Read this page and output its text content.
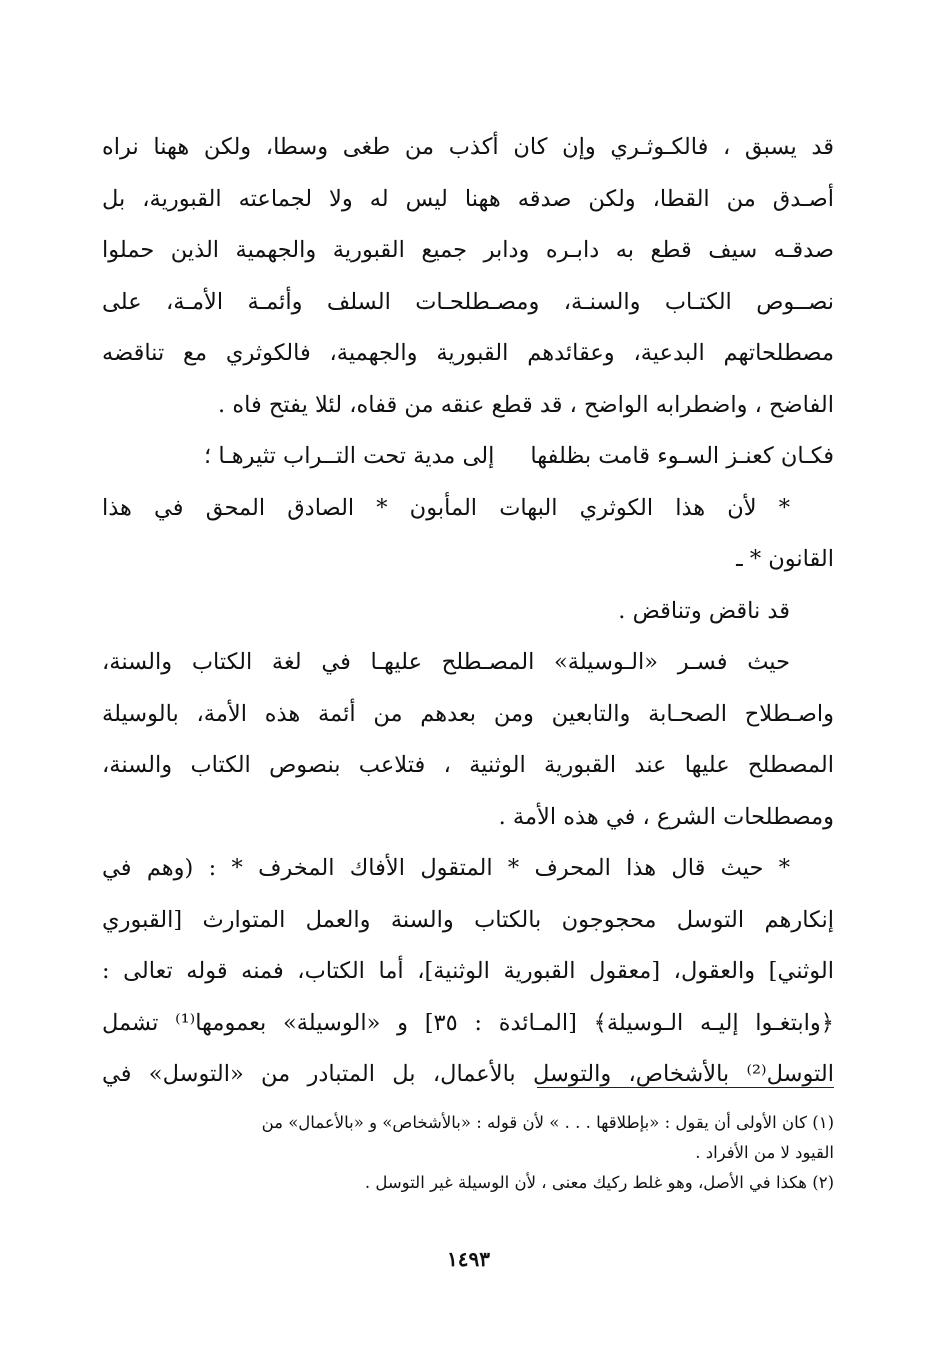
قد يسبق ، فالكـوثـري وإن كان أكذب من طغى وسطا، ولكن ههنا نراه
أصـدق من القطا، ولكن صدقه ههنا ليس له ولا لجماعته القبورية، بل
صدقـه سيف قطع به دابـره ودابر جميع القبورية والجهمية الذين حملوا
نصــوص الكتـاب والسنـة، ومصـطلحـات السلف وأئمـة الأمـة، على
مصطلحاتهم البدعية، وعقائدهم القبورية والجهمية، فالكوثري مع تناقضه
الفاضح ، واضطرابه الواضح ، قد قطع عنقه من قفاه، لئلا يفتح فاه .
فكـان كعنـز السـوء قامت بظلفها
إلى مدية تحت التــراب تثيرهـا ؛
* لأن هذا الكوثري البهات المأبون * الصادق المحق في هذا
القانون * ـ
قد ناقض وتناقض .
حيث فسـر «الـوسيلة» المصـطلح عليهـا في لغة الكتاب والسنة،
واصـطلاح الصحـابة والتابعين ومن بعدهم من أئمة هذه الأمة، بالوسيلة
المصطلح عليها عند القبورية الوثنية ، فتلاعب بنصوص الكتاب والسنة،
ومصطلحات الشرع ، في هذه الأمة .
* حيث قال هذا المحرف * المتقول الأفاك المخرف * : (وهم في
إنكارهم التوسل محجوجون بالكتاب والسنة والعمل المتوارث [القبوري
الوثني] والعقول، [معقول القبورية الوثنية]، أما الكتاب، فمنه قوله تعالى :
﴿وابتغـوا إليـه الـوسيلة﴾ [المـائدة : ٣٥] و «الوسيلة» بعمومها⁽¹⁾ تشمل
التوسل⁽²⁾ بالأشخاص، والتوسل بالأعمال، بل المتبادر من «التوسل» في
(١) كان الأولى أن يقول : «بإطلاقها . . . » لأن قوله : «بالأشخاص» و «بالأعمال» من
القيود لا من الأفراد .
(٢) هكذا في الأصل، وهو غلط ركيك معنى ، لأن الوسيلة غير التوسل .
١٤٩٣
